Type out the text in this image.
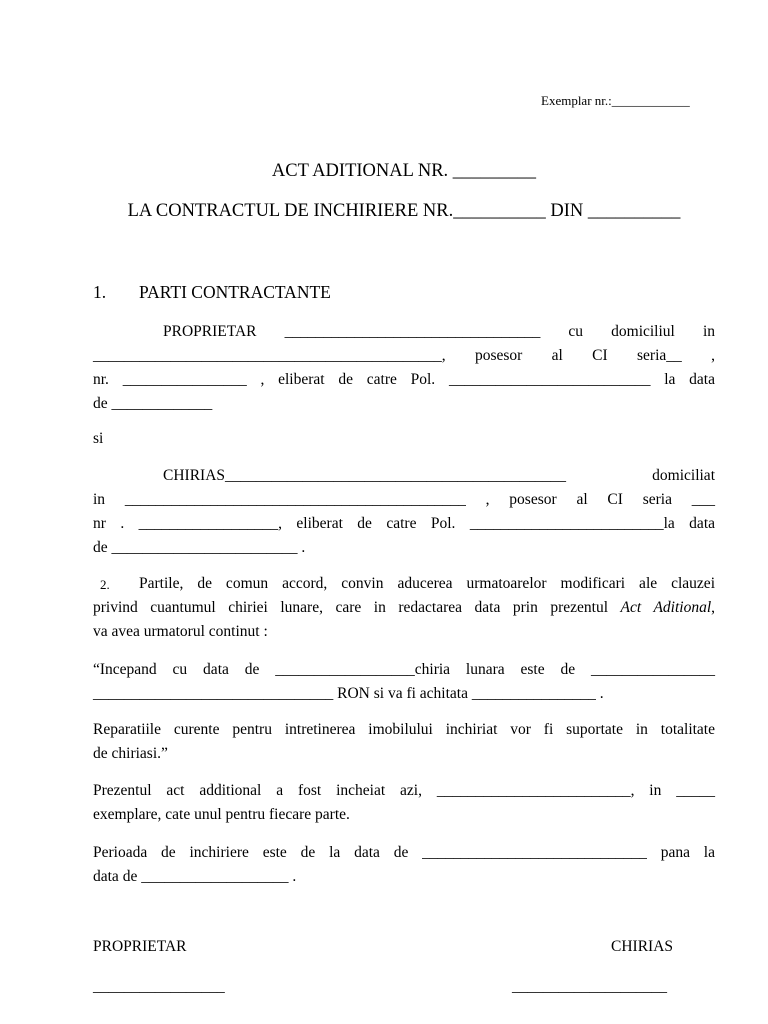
Exemplar nr.:____________
ACT ADITIONAL NR. _________
LA CONTRACTUL DE INCHIRIERE NR.__________ DIN __________
1. PARTI CONTRACTANTE
PROPRIETAR _________________________________ cu domiciliul in
_____________________________________________, posesor al CI seria__ ,
nr. ________________ , eliberat de catre Pol. __________________________ la data
de _____________
si
CHIRIAS____________________________________________ domiciliat
in ____________________________________________ , posesor al CI seria ___
nr . __________________, eliberat de catre Pol. _________________________la data
de ________________________ .
2.	Partile, de comun accord, convin aducerea urmatoarelor modificari ale clauzei
privind cuantumul chiriei lunare, care in redactarea data prin prezentul Act Aditional,
va avea urmatorul continut :
“Incepand cu data de __________________chiria lunara este de ________________
_______________________________ RON si va fi achitata ________________ .
Reparatiile curente pentru intretinerea imobilului inchiriat vor fi suportate in totalitate
de chiriasi.”
Prezentul act additional a fost incheiat azi, _________________________, in _____
exemplare, cate unul pentru fiecare parte.
Perioada de inchiriere este de la data de _____________________________ pana la
data de ___________________ .
PROPRIETAR	CHIRIAS
_________________	____________________
